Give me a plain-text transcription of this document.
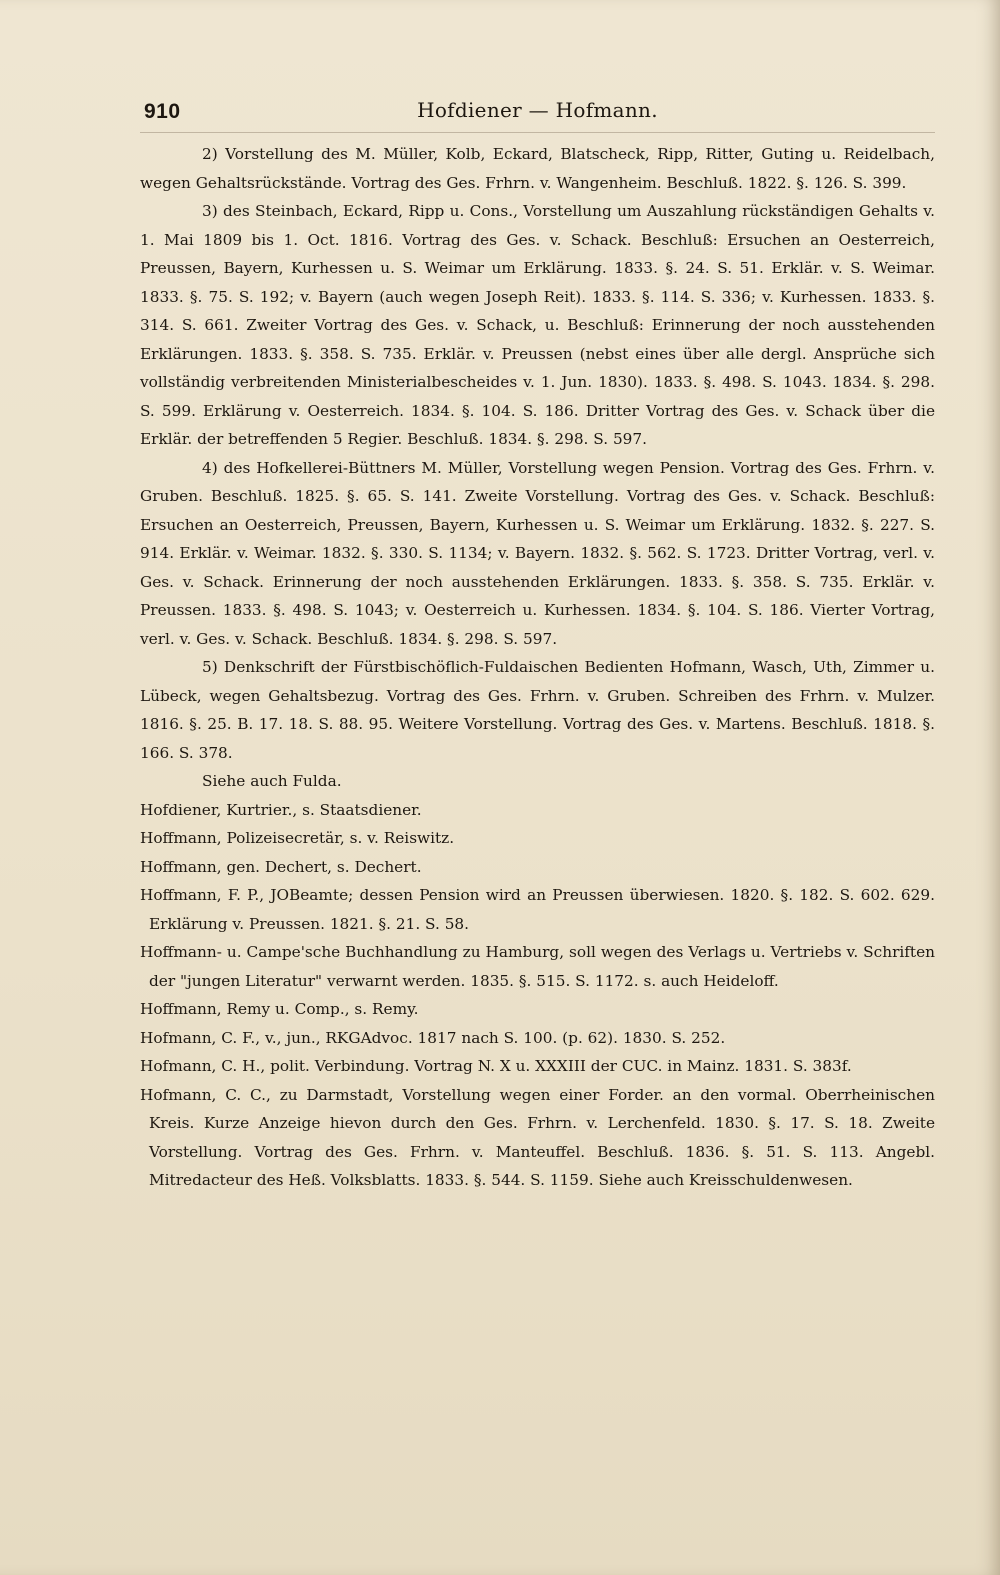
910	Hofdiener — Hofmann.

2) Vorstellung des M. Müller, Kolb, Eckard, Blatscheck, Ripp, Ritter, Guting u. Reidelbach, wegen Gehaltsrückstände. Vortrag des Ges. Frhrn. v. Wangenheim. Beschluß. 1822. §. 126. S. 399.

3) des Steinbach, Eckard, Ripp u. Cons., Vorstellung um Auszahlung rückständigen Gehalts v. 1. Mai 1809 bis 1. Oct. 1816. Vortrag des Ges. v. Schack. Beschluß: Ersuchen an Oesterreich, Preussen, Bayern, Kurhessen u. S. Weimar um Erklärung. 1833. §. 24. S. 51. Erklär. v. S. Weimar. 1833. §. 75. S. 192; v. Bayern (auch wegen Joseph Reit). 1833. §. 114. S. 336; v. Kurhessen. 1833. §. 314. S. 661. Zweiter Vortrag des Ges. v. Schack, u. Beschluß: Erinnerung der noch ausstehenden Erklärungen. 1833. §. 358. S. 735. Erklär. v. Preussen (nebst eines über alle dergl. Ansprüche sich vollständig verbreitenden Ministerialbescheides v. 1. Jun. 1830). 1833. §. 498. S. 1043. 1834. §. 298. S. 599. Erklärung v. Oesterreich. 1834. §. 104. S. 186. Dritter Vortrag des Ges. v. Schack über die Erklär. der betreffenden 5 Regier. Beschluß. 1834. §. 298. S. 597.

4) des Hofkellerei-Büttners M. Müller, Vorstellung wegen Pension. Vortrag des Ges. Frhrn. v. Gruben. Beschluß. 1825. §. 65. S. 141. Zweite Vorstellung. Vortrag des Ges. v. Schack. Beschluß: Ersuchen an Oesterreich, Preussen, Bayern, Kurhessen u. S. Weimar um Erklärung. 1832. §. 227. S. 914. Erklär. v. Weimar. 1832. §. 330. S. 1134; v. Bayern. 1832. §. 562. S. 1723. Dritter Vortrag, verl. v. Ges. v. Schack. Erinnerung der noch ausstehenden Erklärungen. 1833. §. 358. S. 735. Erklär. v. Preussen. 1833. §. 498. S. 1043; v. Oesterreich u. Kurhessen. 1834. §. 104. S. 186. Vierter Vortrag, verl. v. Ges. v. Schack. Beschluß. 1834. §. 298. S. 597.

5) Denkschrift der Fürstbischöflich-Fuldaischen Bedienten Hofmann, Wasch, Uth, Zimmer u. Lübeck, wegen Gehaltsbezug. Vortrag des Ges. Frhrn. v. Gruben. Schreiben des Frhrn. v. Mulzer. 1816. §. 25. B. 17. 18. S. 88. 95. Weitere Vorstellung. Vortrag des Ges. v. Martens. Beschluß. 1818. §. 166. S. 378.

Siehe auch Fulda.

Hofdiener, Kurtrier., s. Staatsdiener.

Hoffmann, Polizeisecretär, s. v. Reiswitz.

Hoffmann, gen. Dechert, s. Dechert.

Hoffmann, F. P., JOBeamte; dessen Pension wird an Preussen überwiesen. 1820. §. 182. S. 602. 629. Erklärung v. Preussen. 1821. §. 21. S. 58.

Hoffmann- u. Campe'sche Buchhandlung zu Hamburg, soll wegen des Verlags u. Vertriebs v. Schriften der "jungen Literatur" verwarnt werden. 1835. §. 515. S. 1172. s. auch Heideloff.

Hoffmann, Remy u. Comp., s. Remy.

Hofmann, C. F., v., jun., RKGAdvoc. 1817 nach S. 100. (p. 62). 1830. S. 252.

Hofmann, C. H., polit. Verbindung. Vortrag N. X u. XXXIII der CUC. in Mainz. 1831. S. 383f.

Hofmann, C. C., zu Darmstadt, Vorstellung wegen einer Forder. an den vormal. Oberrheinischen Kreis. Kurze Anzeige hievon durch den Ges. Frhrn. v. Lerchenfeld. 1830. §. 17. S. 18. Zweite Vorstellung. Vortrag des Ges. Frhrn. v. Manteuffel. Beschluß. 1836. §. 51. S. 113. Angebl. Mitredacteur des Heß. Volksblatts. 1833. §. 544. S. 1159. Siehe auch Kreisschuldenwesen.
